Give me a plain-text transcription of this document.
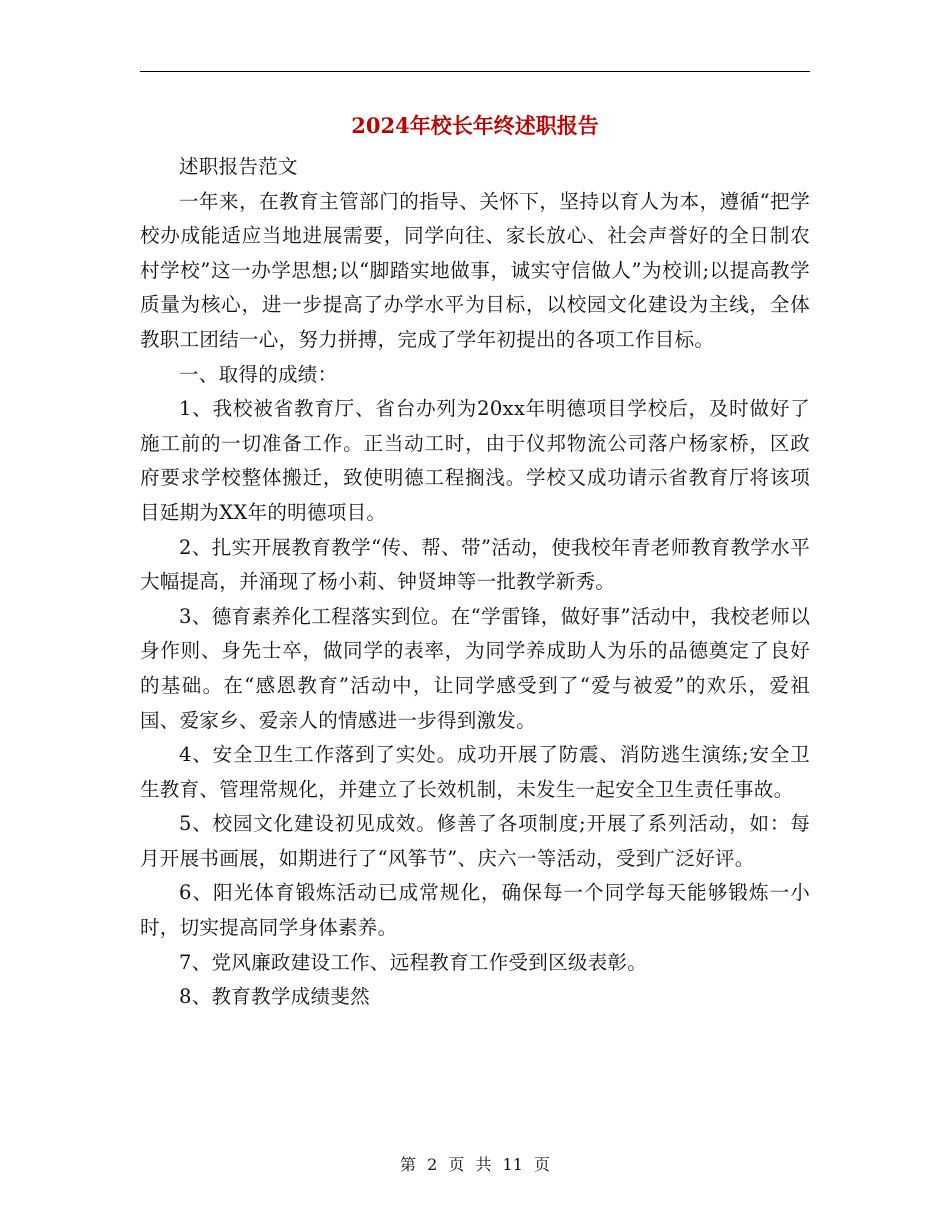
2024年校长年终述职报告

述职报告范文

一年来，在教育主管部门的指导、关怀下，坚持以育人为本，遵循“把学校办成能适应当地进展需要，同学向往、家长放心、社会声誉好的全日制农村学校”这一办学思想;以“脚踏实地做事，诚实守信做人”为校训;以提高教学质量为核心，进一步提高了办学水平为目标，以校园文化建设为主线，全体教职工团结一心，努力拼搏，完成了学年初提出的各项工作目标。

一、取得的成绩：

1、我校被省教育厅、省台办列为20xx年明德项目学校后，及时做好了施工前的一切准备工作。正当动工时，由于仪邦物流公司落户杨家桥，区政府要求学校整体搬迁，致使明德工程搁浅。学校又成功请示省教育厅将该项目延期为XX年的明德项目。

2、扎实开展教育教学“传、帮、带”活动，使我校年青老师教育教学水平大幅提高，并涌现了杨小莉、钟贤坤等一批教学新秀。

3、德育素养化工程落实到位。在“学雷锋，做好事”活动中，我校老师以身作则、身先士卒，做同学的表率，为同学养成助人为乐的品德奠定了良好的基础。在“感恩教育”活动中，让同学感受到了“爱与被爱”的欢乐，爱祖国、爱家乡、爱亲人的情感进一步得到激发。

4、安全卫生工作落到了实处。成功开展了防震、消防逃生演练;安全卫生教育、管理常规化，并建立了长效机制，未发生一起安全卫生责任事故。

5、校园文化建设初见成效。修善了各项制度;开展了系列活动，如：每月开展书画展，如期进行了“风筝节”、庆六一等活动，受到广泛好评。

6、阳光体育锻炼活动已成常规化，确保每一个同学每天能够锻炼一小时，切实提高同学身体素养。

7、党风廉政建设工作、远程教育工作受到区级表彰。

8、教育教学成绩斐然

第 2 页 共 11 页
